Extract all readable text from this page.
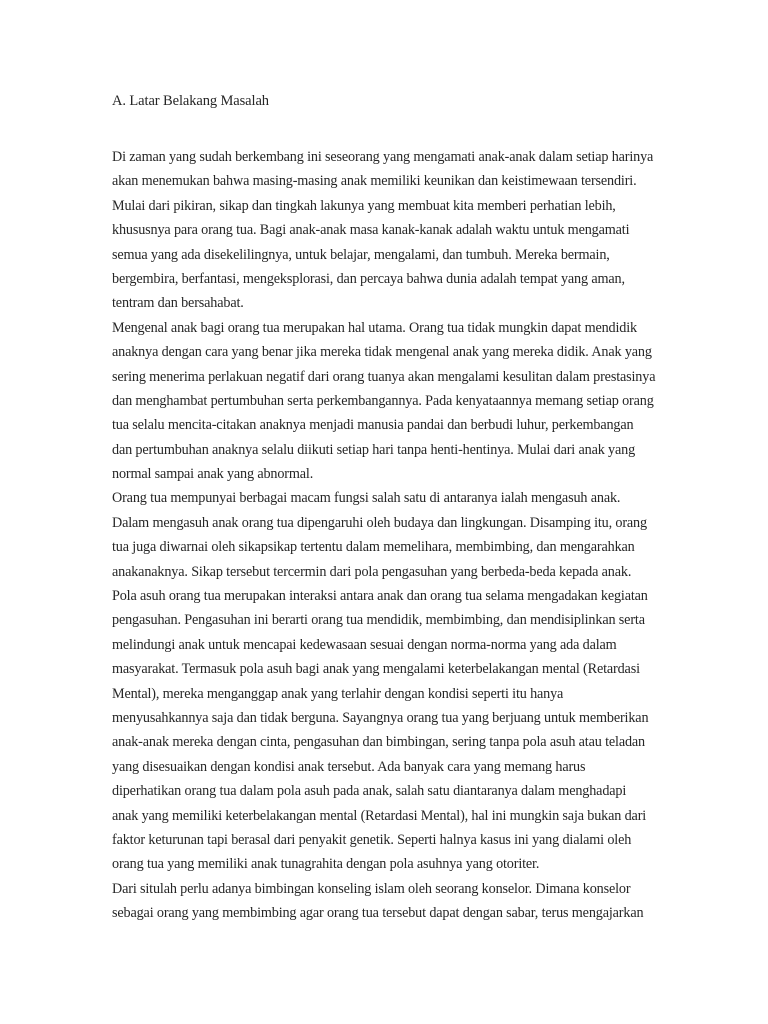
A. Latar Belakang Masalah

Di zaman yang sudah berkembang ini seseorang yang mengamati anak-anak dalam setiap harinya
akan menemukan bahwa masing-masing anak memiliki keunikan dan keistimewaan tersendiri.
Mulai dari pikiran, sikap dan tingkah lakunya yang membuat kita memberi perhatian lebih,
khususnya para orang tua. Bagi anak-anak masa kanak-kanak adalah waktu untuk mengamati
semua yang ada disekelilingnya, untuk belajar, mengalami, dan tumbuh. Mereka bermain,
bergembira, berfantasi, mengeksplorasi, dan percaya bahwa dunia adalah tempat yang aman,
tentram dan bersahabat.
Mengenal anak bagi orang tua merupakan hal utama. Orang tua tidak mungkin dapat mendidik
anaknya dengan cara yang benar jika mereka tidak mengenal anak yang mereka didik. Anak yang
sering menerima perlakuan negatif dari orang tuanya akan mengalami kesulitan dalam prestasinya
dan menghambat pertumbuhan serta perkembangannya. Pada kenyataannya memang setiap orang
tua selalu mencita-citakan anaknya menjadi manusia pandai dan berbudi luhur, perkembangan
dan pertumbuhan anaknya selalu diikuti setiap hari tanpa henti-hentinya. Mulai dari anak yang
normal sampai anak yang abnormal.
Orang tua mempunyai berbagai macam fungsi salah satu di antaranya ialah mengasuh anak.
Dalam mengasuh anak orang tua dipengaruhi oleh budaya dan lingkungan. Disamping itu, orang
tua juga diwarnai oleh sikapsikap tertentu dalam memelihara, membimbing, dan mengarahkan
anakanaknya. Sikap tersebut tercermin dari pola pengasuhan yang berbeda-beda kepada anak.
Pola asuh orang tua merupakan interaksi antara anak dan orang tua selama mengadakan kegiatan
pengasuhan. Pengasuhan ini berarti orang tua mendidik, membimbing, dan mendisiplinkan serta
melindungi anak untuk mencapai kedewasaan sesuai dengan norma-norma yang ada dalam
masyarakat. Termasuk pola asuh bagi anak yang mengalami keterbelakangan mental (Retardasi
Mental), mereka menganggap anak yang terlahir dengan kondisi seperti itu hanya
menyusahkannya saja dan tidak berguna. Sayangnya orang tua yang berjuang untuk memberikan
anak-anak mereka dengan cinta, pengasuhan dan bimbingan, sering tanpa pola asuh atau teladan
yang disesuaikan dengan kondisi anak tersebut. Ada banyak cara yang memang harus
diperhatikan orang tua dalam pola asuh pada anak, salah satu diantaranya dalam menghadapi
anak yang memiliki keterbelakangan mental (Retardasi Mental), hal ini mungkin saja bukan dari
faktor keturunan tapi berasal dari penyakit genetik. Seperti halnya kasus ini yang dialami oleh
orang tua yang memiliki anak tunagrahita dengan pola asuhnya yang otoriter.
Dari situlah perlu adanya bimbingan konseling islam oleh seorang konselor. Dimana konselor
sebagai orang yang membimbing agar orang tua tersebut dapat dengan sabar, terus mengajarkan
